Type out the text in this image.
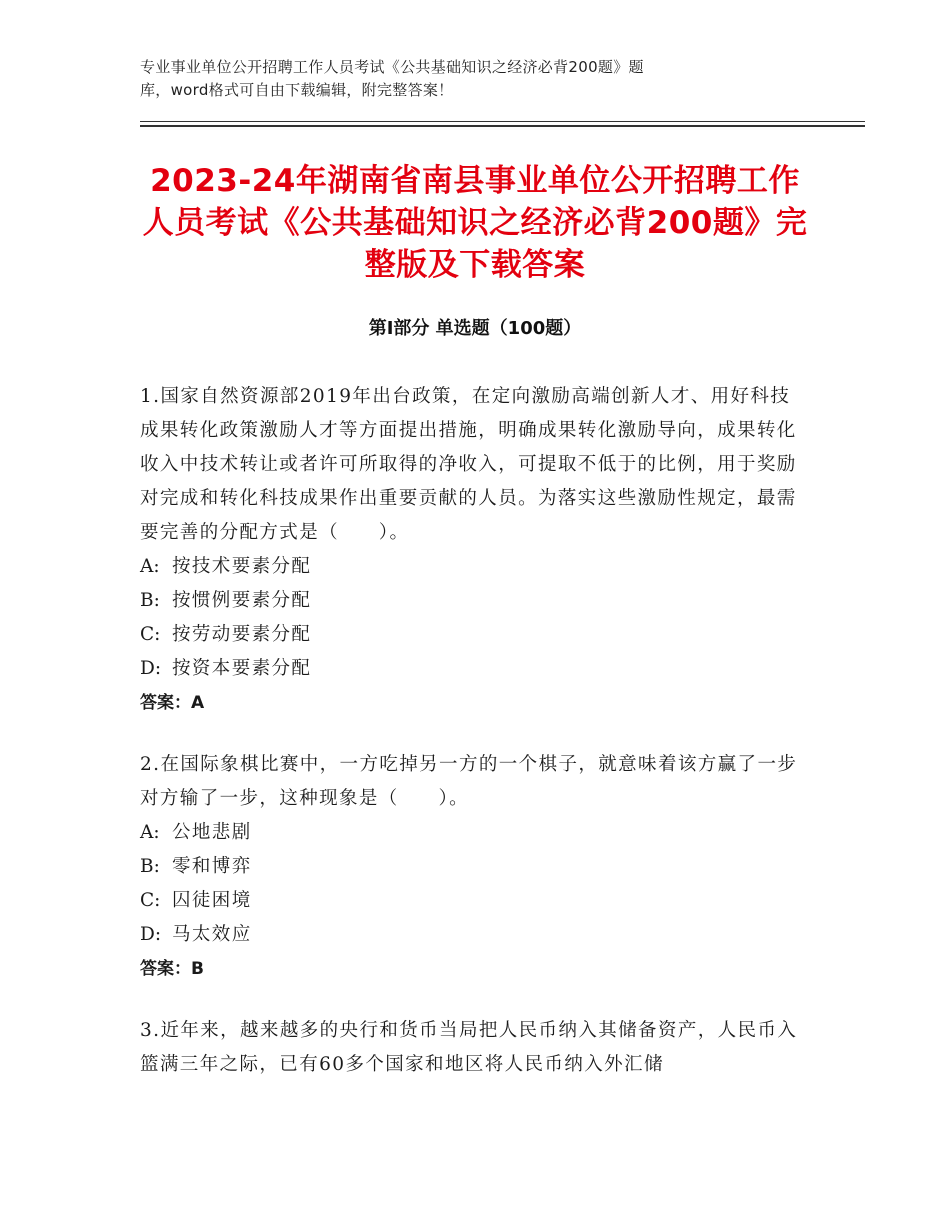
专业事业单位公开招聘工作人员考试《公共基础知识之经济必背200题》题
库，word格式可自由下载编辑，附完整答案！
2023-24年湖南省南县事业单位公开招聘工作人员考试《公共基础知识之经济必背200题》完整版及下载答案
第Ⅰ部分 单选题（100题）

1.国家自然资源部2019年出台政策，在定向激励高端创新人才、用好科技成果转化政策激励人才等方面提出措施，明确成果转化激励导向，成果转化收入中技术转让或者许可所取得的净收入，可提取不低于的比例，用于奖励对完成和转化科技成果作出重要贡献的人员。为落实这些激励性规定，最需要完善的分配方式是（　　）。

A: 按技术要素分配

B: 按惯例要素分配

C: 按劳动要素分配

D: 按资本要素分配

答案：A

2.在国际象棋比赛中，一方吃掉另一方的一个棋子，就意味着该方赢了一步对方输了一步，这种现象是（　　）。

A: 公地悲剧

B: 零和博弈

C: 囚徒困境

D: 马太效应

答案：B

3.近年来，越来越多的央行和货币当局把人民币纳入其储备资产，人民币入篮满三年之际，已有60多个国家和地区将人民币纳入外汇储
